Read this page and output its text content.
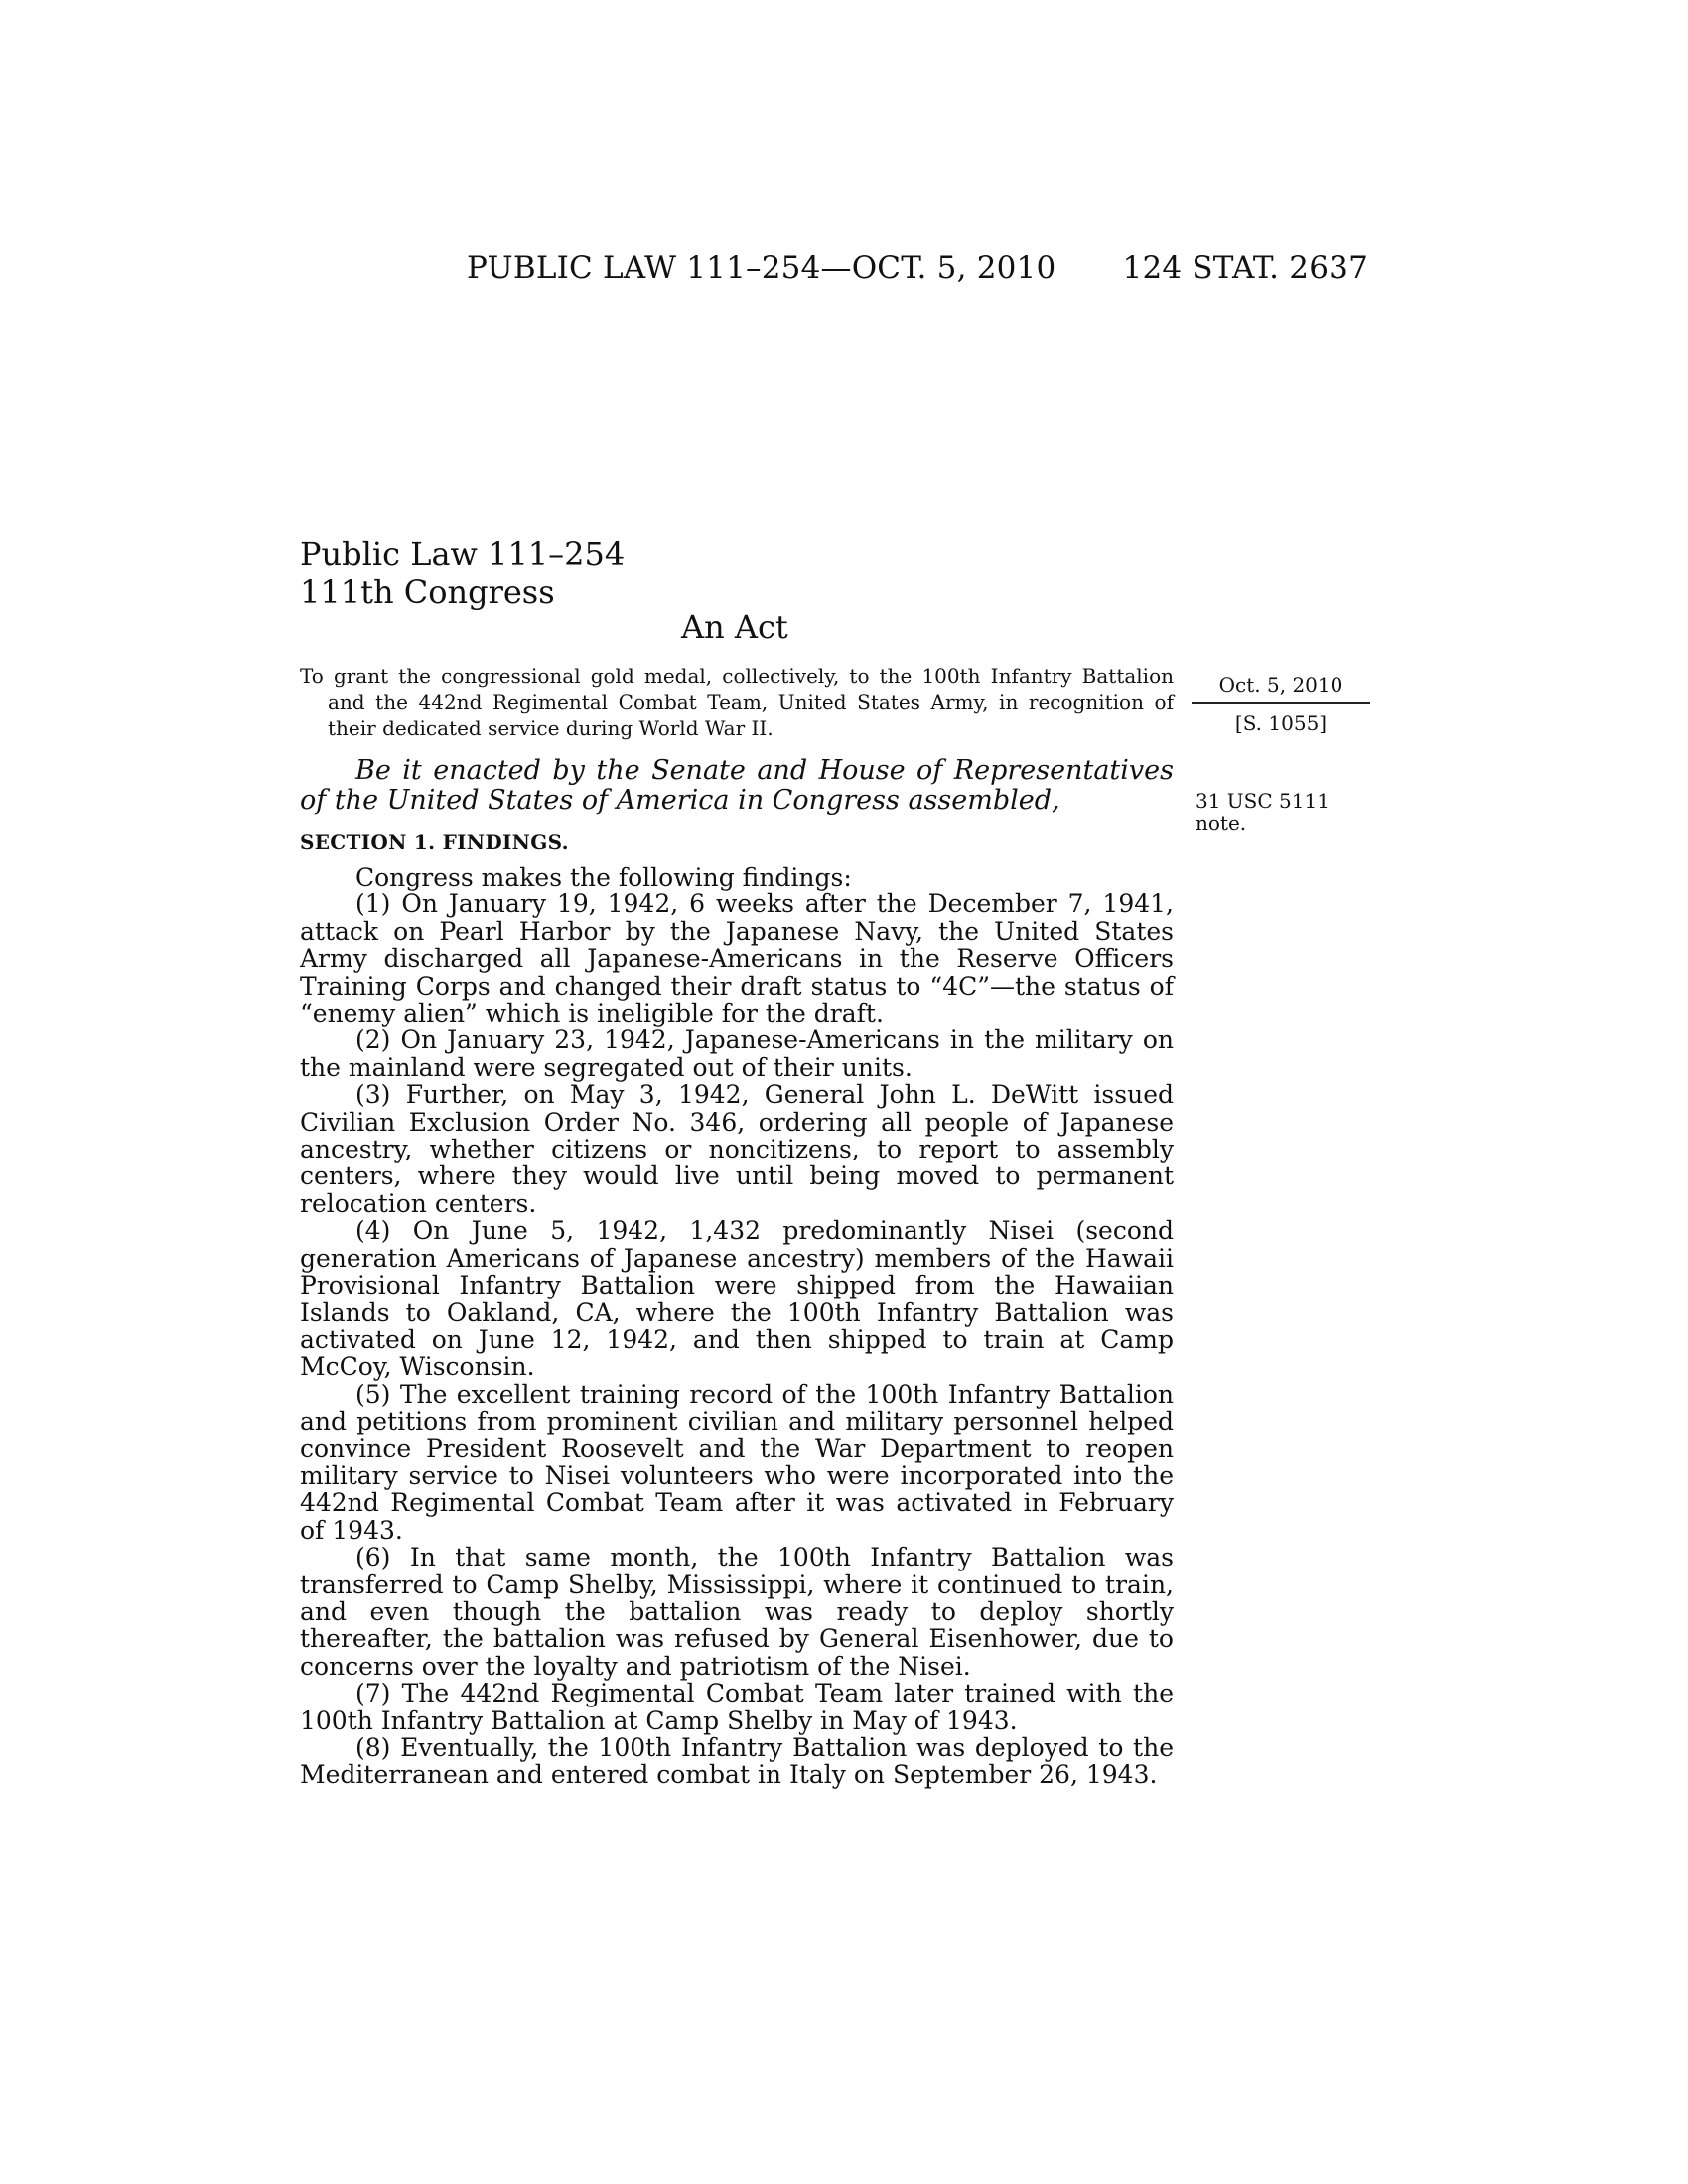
PUBLIC LAW 111–254—OCT. 5, 2010 124 STAT. 2637
Public Law 111–254
111th Congress
An Act

To grant the congressional gold medal, collectively, to the 100th Infantry Battalion and the 442nd Regimental Combat Team, United States Army, in recognition of their dedicated service during World War II.

Oct. 5, 2010
[S. 1055]

Be it enacted by the Senate and House of Representatives of the United States of America in Congress assembled,	31 USC 5111
note.
SECTION 1. FINDINGS.

Congress makes the following findings:

(1) On January 19, 1942, 6 weeks after the December 7, 1941, attack on Pearl Harbor by the Japanese Navy, the United States Army discharged all Japanese-Americans in the Reserve Officers Training Corps and changed their draft status to “4C”—the status of “enemy alien” which is ineligible for the draft.

(2) On January 23, 1942, Japanese-Americans in the military on the mainland were segregated out of their units.

(3) Further, on May 3, 1942, General John L. DeWitt issued Civilian Exclusion Order No. 346, ordering all people of Japanese ancestry, whether citizens or noncitizens, to report to assembly centers, where they would live until being moved to permanent relocation centers.

(4) On June 5, 1942, 1,432 predominantly Nisei (second generation Americans of Japanese ancestry) members of the Hawaii Provisional Infantry Battalion were shipped from the Hawaiian Islands to Oakland, CA, where the 100th Infantry Battalion was activated on June 12, 1942, and then shipped to train at Camp McCoy, Wisconsin.

(5) The excellent training record of the 100th Infantry Battalion and petitions from prominent civilian and military personnel helped convince President Roosevelt and the War Department to reopen military service to Nisei volunteers who were incorporated into the 442nd Regimental Combat Team after it was activated in February of 1943.

(6) In that same month, the 100th Infantry Battalion was transferred to Camp Shelby, Mississippi, where it continued to train, and even though the battalion was ready to deploy shortly thereafter, the battalion was refused by General Eisenhower, due to concerns over the loyalty and patriotism of the Nisei.

(7) The 442nd Regimental Combat Team later trained with the 100th Infantry Battalion at Camp Shelby in May of 1943.

(8) Eventually, the 100th Infantry Battalion was deployed to the Mediterranean and entered combat in Italy on September 26, 1943.
